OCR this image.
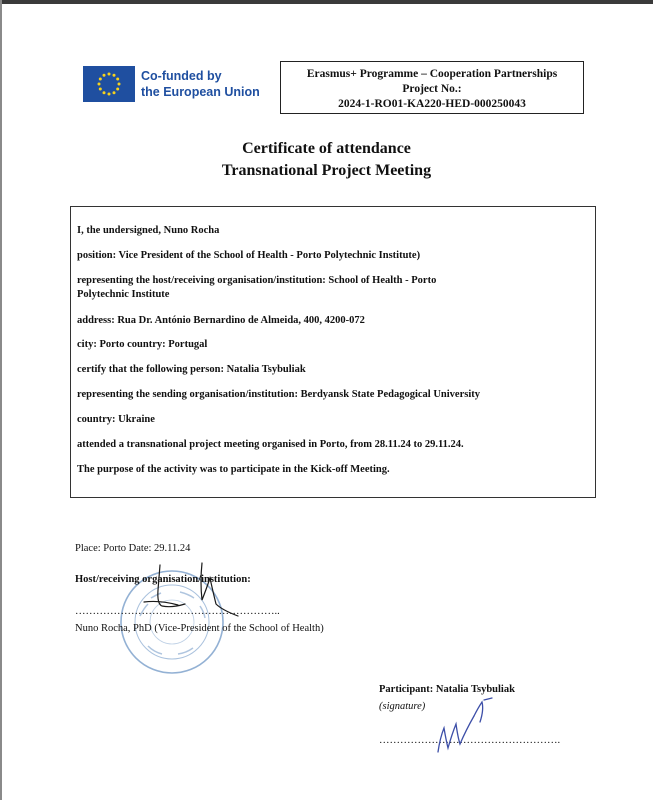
Co-funded by
the European Union
Erasmus+ Programme – Cooperation Partnerships
Project No.:
2024-1-RO01-KA220-HED-000250043
Certificate of attendance
Transnational Project Meeting
I, the undersigned, Nuno Rocha
position: Vice President of the School of Health - Porto Polytechnic Institute)
representing the host/receiving organisation/institution: School of Health - Porto
Polytechnic Institute
address: Rua Dr. António Bernardino de Almeida, 400, 4200-072
city: Porto country: Portugal
certify that the following person: Natalia Tsybuliak
representing the sending organisation/institution: Berdyansk State Pedagogical University
country: Ukraine
attended a transnational project meeting organised in Porto, from 28.11.24 to 29.11.24.
The purpose of the activity was to participate in the Kick-off Meeting.
Place: Porto Date: 29.11.24
Host/receiving organisation/institution:
…………………………………………………..
Nuno Rocha, PhD (Vice-President of the School of Health)
Participant: Natalia Tsybuliak
(signature)
…………………………………………….
